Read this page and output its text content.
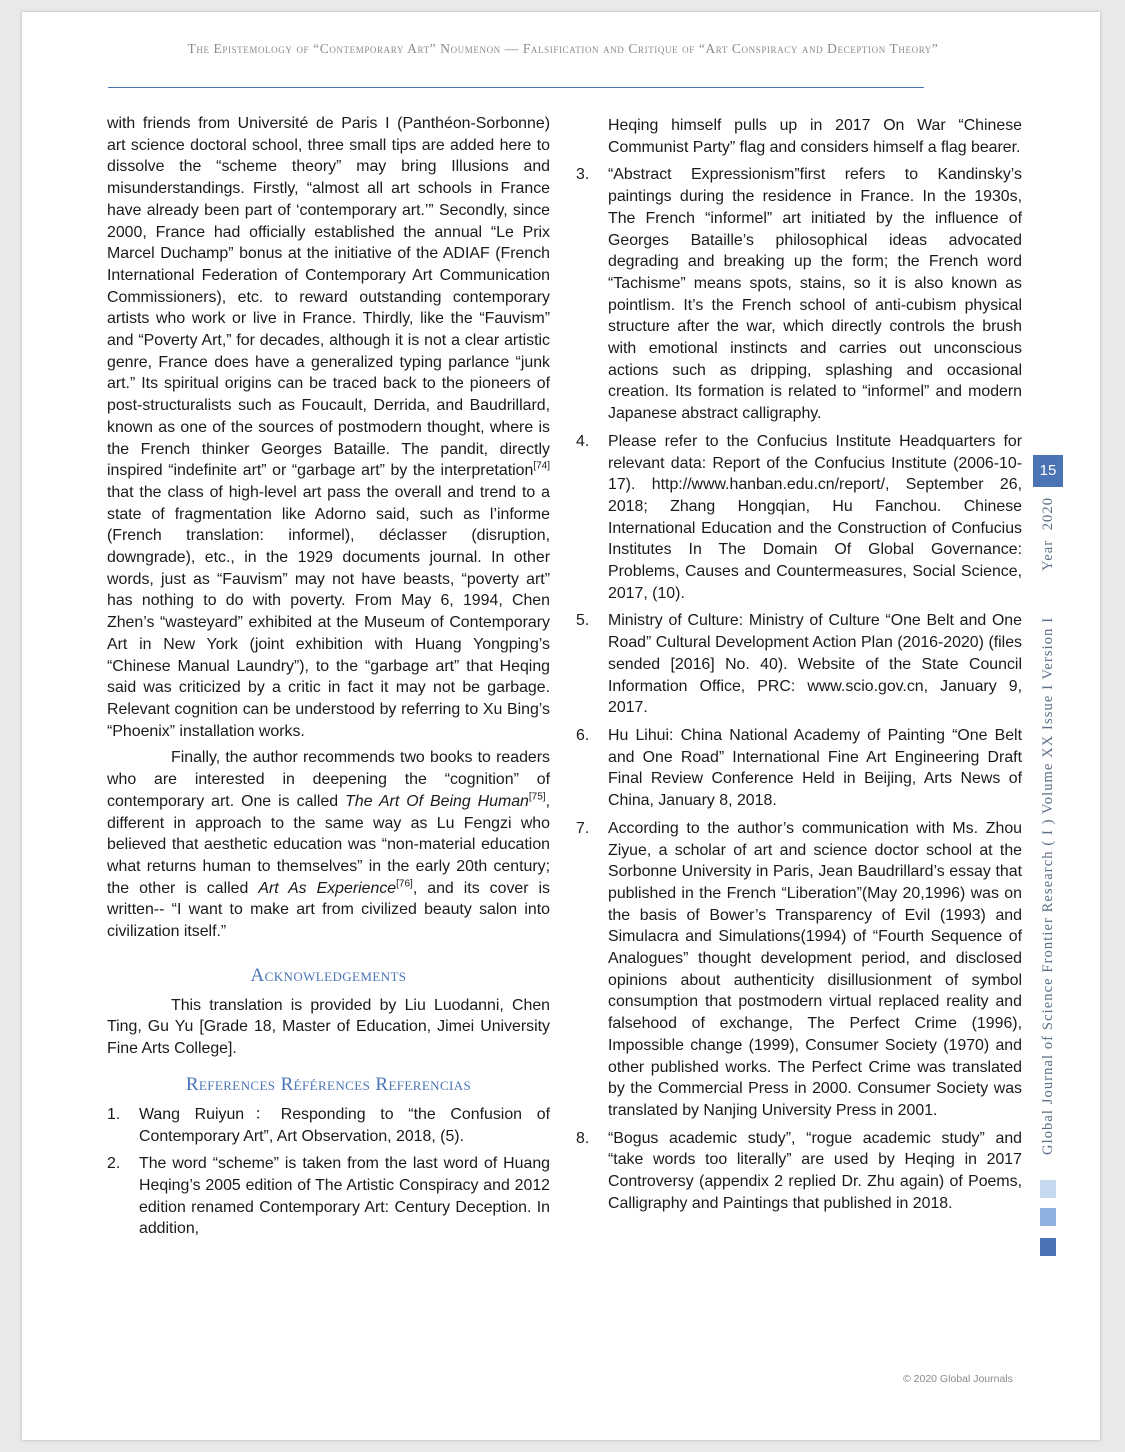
The Epistemology of “Contemporary Art” Noumenon — Falsification and Critique of “Art Conspiracy and Deception Theory”

with friends from Université de Paris I (Panthéon-Sorbonne) art science doctoral school, three small tips are added here to dissolve the “scheme theory” may bring Illusions and misunderstandings. Firstly, “almost all art schools in France have already been part of ‘contemporary art.’” Secondly, since 2000, France had officially established the annual “Le Prix Marcel Duchamp” bonus at the initiative of the ADIAF (French International Federation of Contemporary Art Communication Commissioners), etc. to reward outstanding contemporary artists who work or live in France. Thirdly, like the “Fauvism” and “Poverty Art,” for decades, although it is not a clear artistic genre, France does have a generalized typing parlance “junk art.” Its spiritual origins can be traced back to the pioneers of post-structuralists such as Foucault, Derrida, and Baudrillard, known as one of the sources of postmodern thought, where is the French thinker Georges Bataille. The pandit, directly inspired “indefinite art” or “garbage art” by the interpretation[74] that the class of high-level art pass the overall and trend to a state of fragmentation like Adorno said, such as l’informe (French translation: informel), déclasser (disruption, downgrade), etc., in the 1929 documents journal. In other words, just as “Fauvism” may not have beasts, “poverty art” has nothing to do with poverty. From May 6, 1994, Chen Zhen’s “wasteyard” exhibited at the Museum of Contemporary Art in New York (joint exhibition with Huang Yongping’s “Chinese Manual Laundry”), to the “garbage art” that Heqing said was criticized by a critic in fact it may not be garbage. Relevant cognition can be understood by referring to Xu Bing’s “Phoenix” installation works.

Finally, the author recommends two books to readers who are interested in deepening the “cognition” of contemporary art. One is called The Art Of Being Human[75], different in approach to the same way as Lu Fengzi who believed that aesthetic education was “non-material education what returns human to themselves” in the early 20th century; the other is called Art As Experience[76], and its cover is written-- “I want to make art from civilized beauty salon into civilization itself.”

Acknowledgements

This translation is provided by Liu Luodanni, Chen Ting, Gu Yu [Grade 18, Master of Education, Jimei University Fine Arts College].

References Références Referencias
1.	Wang Ruiyun：Responding to “the Confusion of Contemporary Art”, Art Observation, 2018, (5).
2.	The word “scheme” is taken from the last word of Huang Heqing’s 2005 edition of The Artistic Conspiracy and 2012 edition renamed Contemporary Art: Century Deception. In addition,
Heqing himself pulls up in 2017 On War “Chinese Communist Party” flag and considers himself a flag bearer.
3.	“Abstract Expressionism”first refers to Kandinsky’s paintings during the residence in France. In the 1930s, The French “informel” art initiated by the influence of Georges Bataille’s philosophical ideas advocated degrading and breaking up the form; the French word “Tachisme” means spots, stains, so it is also known as pointlism. It’s the French school of anti-cubism physical structure after the war, which directly controls the brush with emotional instincts and carries out unconscious actions such as dripping, splashing and occasional creation. Its formation is related to “informel” and modern Japanese abstract calligraphy.
4.	Please refer to the Confucius Institute Headquarters for relevant data: Report of the Confucius Institute (2006-10-17). http://www.hanban.edu.cn/report/, September 26, 2018; Zhang Hongqian, Hu Fanchou. Chinese International Education and the Construction of Confucius Institutes In The Domain Of Global Governance: Problems, Causes and Countermeasures, Social Science, 2017, (10).
5.	Ministry of Culture: Ministry of Culture “One Belt and One Road” Cultural Development Action Plan (2016-2020) (files sended [2016] No. 40). Website of the State Council Information Office, PRC: www.scio.gov.cn, January 9, 2017.
6.	Hu Lihui: China National Academy of Painting “One Belt and One Road” International Fine Art Engineering Draft Final Review Conference Held in Beijing, Arts News of China, January 8, 2018.
7.	According to the author’s communication with Ms. Zhou Ziyue, a scholar of art and science doctor school at the Sorbonne University in Paris, Jean Baudrillard’s essay that published in the French “Liberation”(May 20,1996) was on the basis of Bower’s Transparency of Evil (1993) and Simulacra and Simulations(1994) of “Fourth Sequence of Analogues” thought development period, and disclosed opinions about authenticity disillusionment of symbol consumption that postmodern virtual replaced reality and falsehood of exchange, The Perfect Crime (1996), Impossible change (1999), Consumer Society (1970) and other published works. The Perfect Crime was translated by the Commercial Press in 2000. Consumer Society was translated by Nanjing University Press in 2001.
8.	“Bogus academic study”, “rogue academic study” and “take words too literally” are used by Heqing in 2017 Controversy (appendix 2 replied Dr. Zhu again) of Poems, Calligraphy and Paintings that published in 2018.
Global Journal of Science Frontier Research ( I ) Volume XX Issue I Version IYear  2020
15
© 2020 Global Journals
